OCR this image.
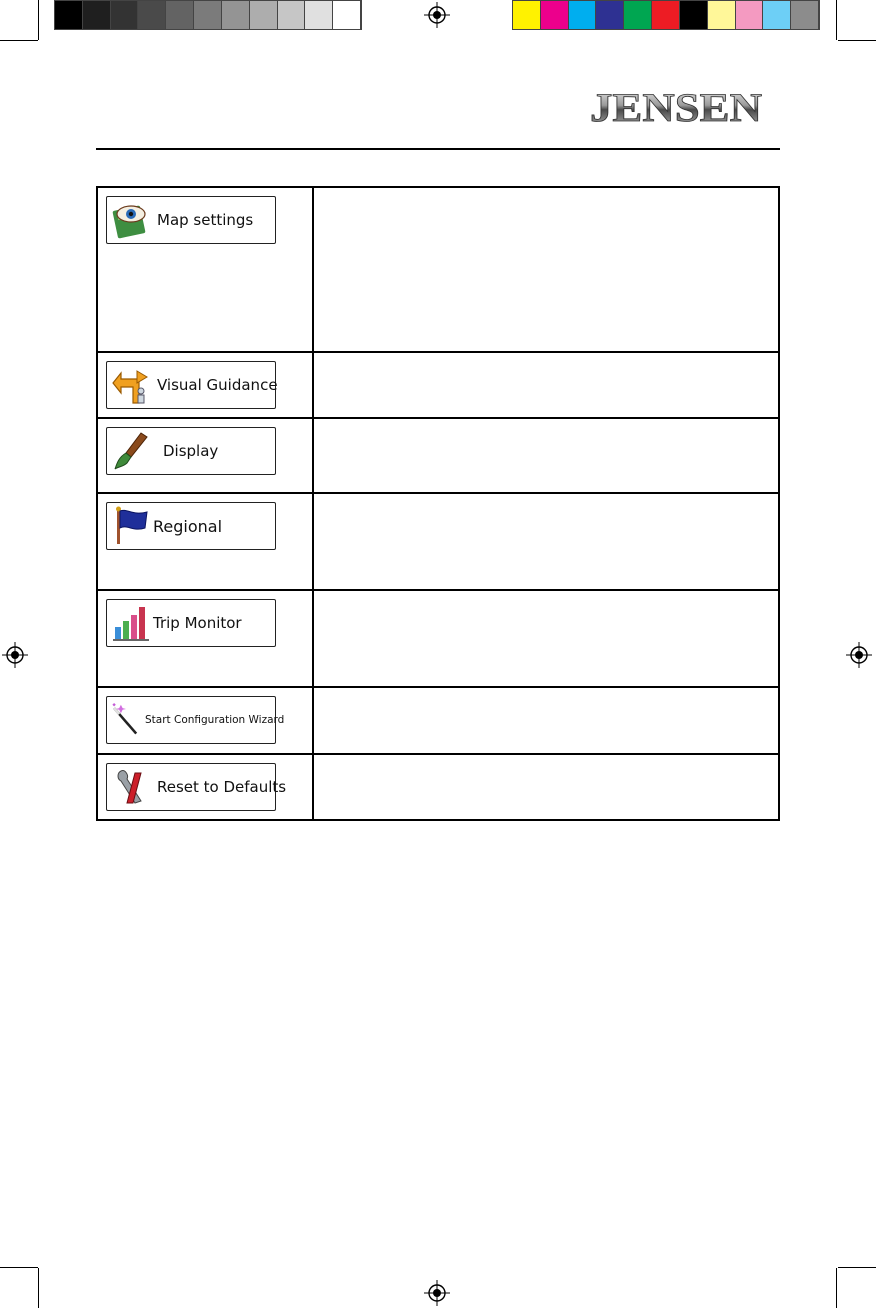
JENSEN
Map settings	

Visual Guidance	

Display	

Regional	

Trip Monitor	

Start Configuration Wizard	

Reset to Defaults	
